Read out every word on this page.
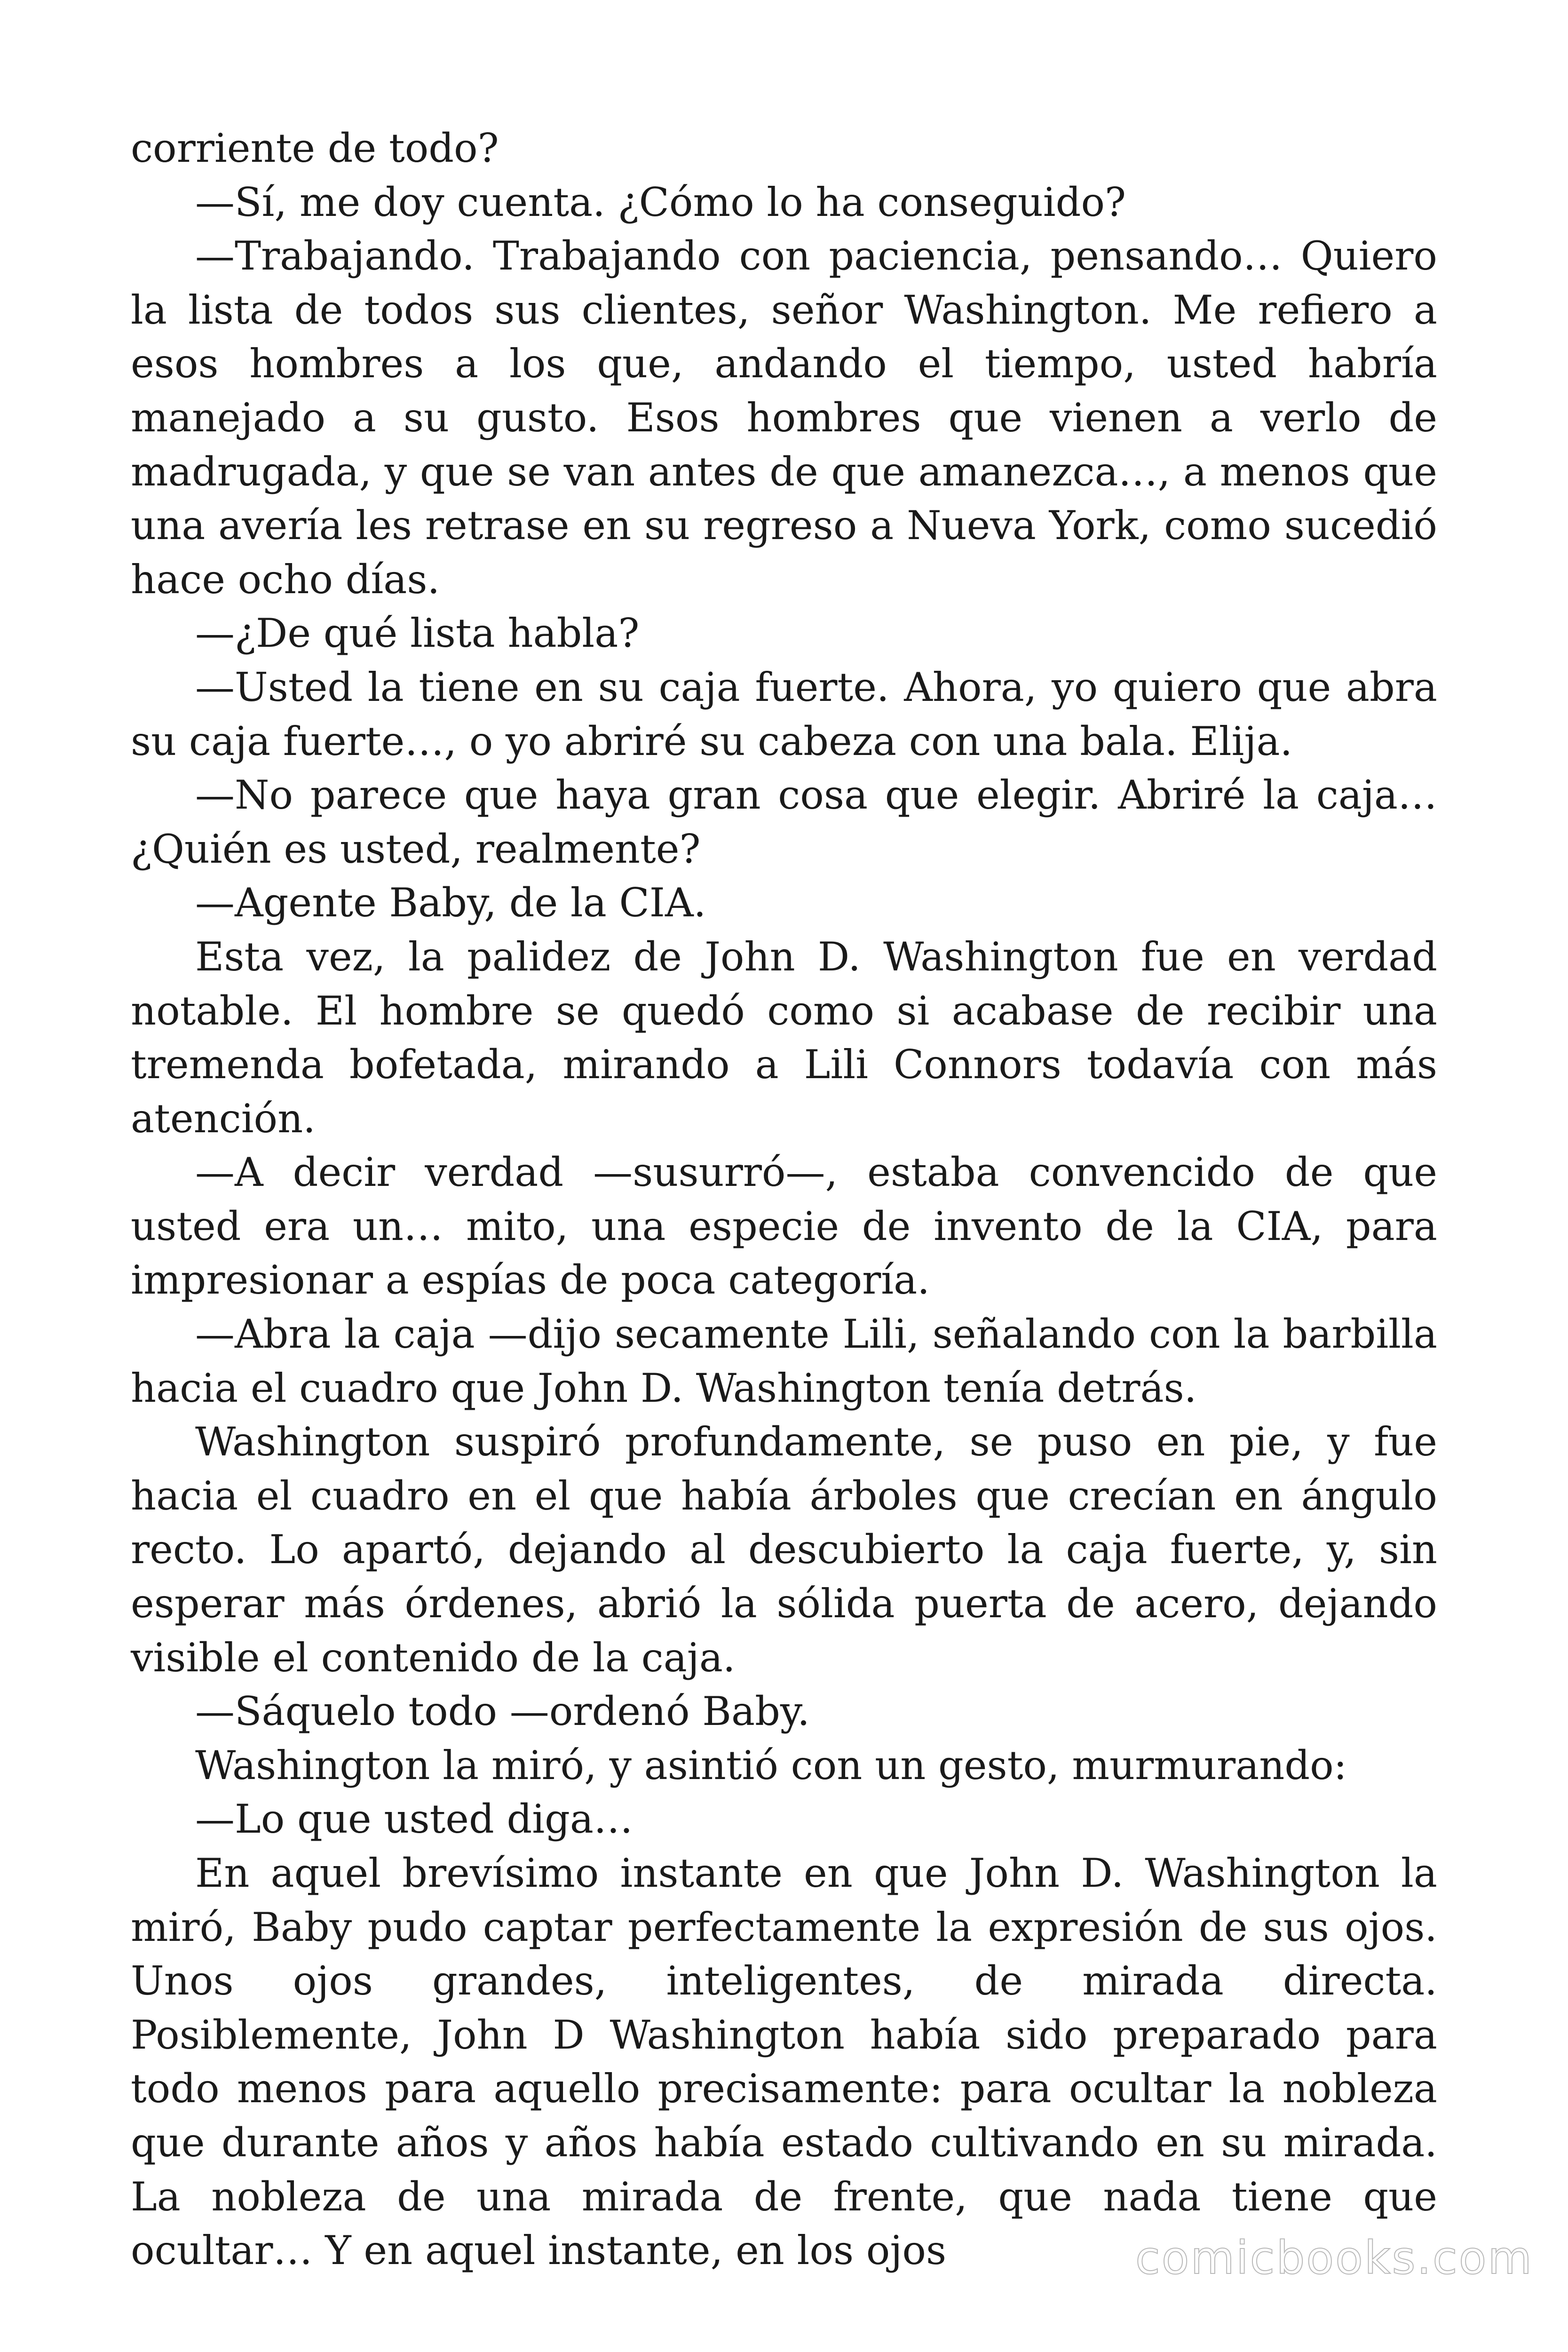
corriente de todo?

—Sí, me doy cuenta. ¿Cómo lo ha conseguido?

—Trabajando. Trabajando con paciencia, pensando… Quiero la lista de todos sus clientes, señor Washington. Me refiero a esos hombres a los que, andando el tiempo, usted habría manejado a su gusto. Esos hombres que vienen a verlo de madrugada, y que se van antes de que amanezca…, a menos que una avería les retrase en su regreso a Nueva York, como sucedió hace ocho días.

—¿De qué lista habla?

—Usted la tiene en su caja fuerte. Ahora, yo quiero que abra su caja fuerte…, o yo abriré su cabeza con una bala. Elija.

—No parece que haya gran cosa que elegir. Abriré la caja… ¿Quién es usted, realmente?

—Agente Baby, de la CIA.

Esta vez, la palidez de John D. Washington fue en verdad notable. El hombre se quedó como si acabase de recibir una tremenda bofetada, mirando a Lili Connors todavía con más atención.

—A decir verdad —susurró—, estaba convencido de que usted era un… mito, una especie de invento de la CIA, para impresionar a espías de poca categoría.

—Abra la caja —dijo secamente Lili, señalando con la barbilla hacia el cuadro que John D. Washington tenía detrás.

Washington suspiró profundamente, se puso en pie, y fue hacia el cuadro en el que había árboles que crecían en ángulo recto. Lo apartó, dejando al descubierto la caja fuerte, y, sin esperar más órdenes, abrió la sólida puerta de acero, dejando visible el contenido de la caja.

—Sáquelo todo —ordenó Baby.

Washington la miró, y asintió con un gesto, murmurando:

—Lo que usted diga…

En aquel brevísimo instante en que John D. Washington la miró, Baby pudo captar perfectamente la expresión de sus ojos. Unos ojos grandes, inteligentes, de mirada directa. Posiblemente, John D Washington había sido preparado para todo menos para aquello precisamente: para ocultar la nobleza que durante años y años había estado cultivando en su mirada. La nobleza de una mirada de frente, que nada tiene que ocultar… Y en aquel instante, en los ojos	comicbooks.com
